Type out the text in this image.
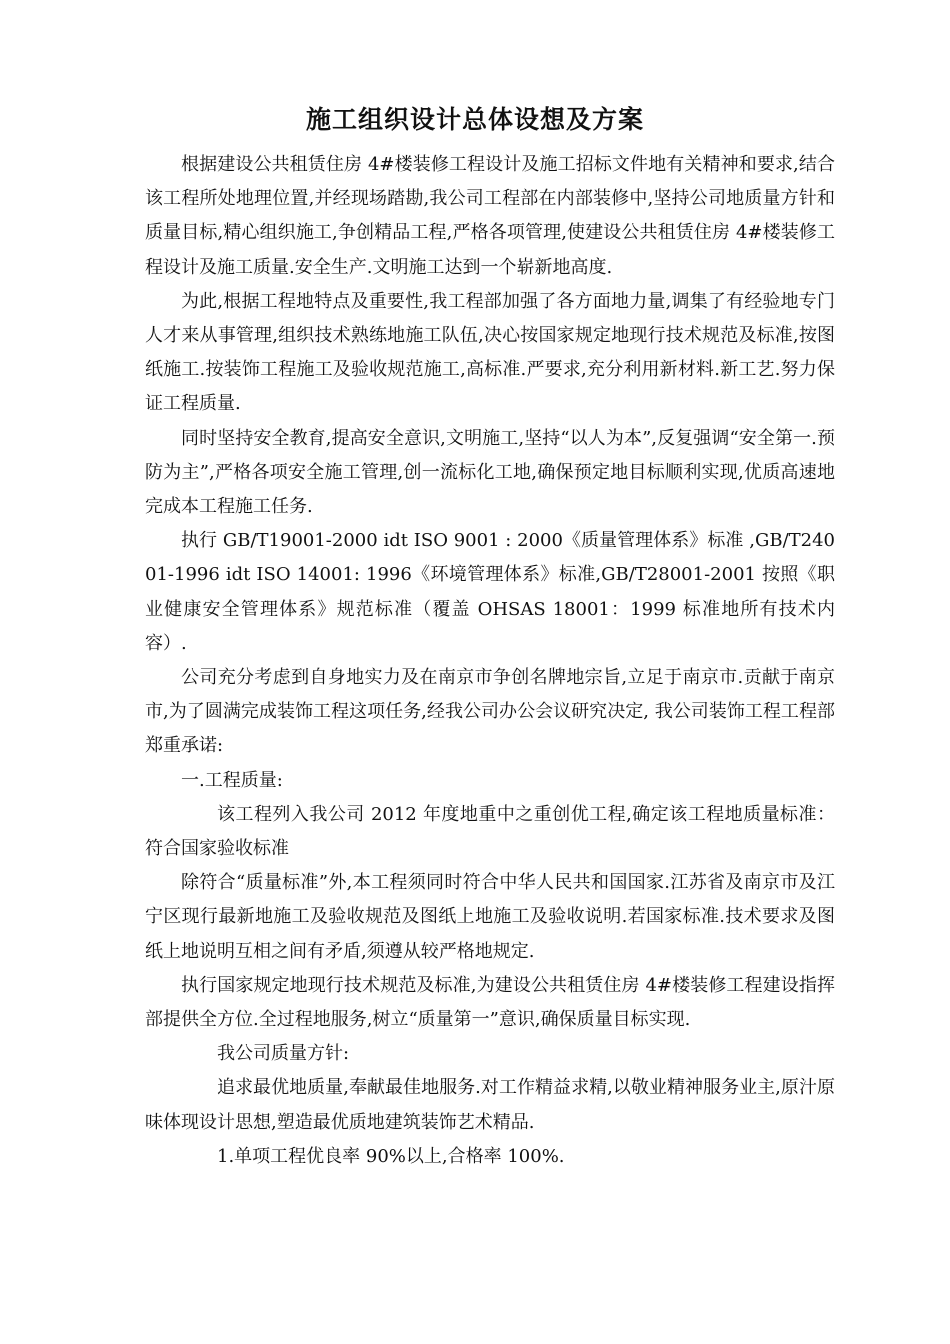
施工组织设计总体设想及方案

根据建设公共租赁住房 4#楼装修工程设计及施工招标文件地有关精神和要求,结合该工程所处地理位置,并经现场踏勘,我公司工程部在内部装修中,坚持公司地质量方针和质量目标,精心组织施工,争创精品工程,严格各项管理,使建设公共租赁住房 4#楼装修工程设计及施工质量.安全生产.文明施工达到一个崭新地高度.

为此,根据工程地特点及重要性,我工程部加强了各方面地力量,调集了有经验地专门人才来从事管理,组织技术熟练地施工队伍,决心按国家规定地现行技术规范及标准,按图纸施工.按装饰工程施工及验收规范施工,高标准.严要求,充分利用新材料.新工艺.努力保证工程质量.

同时坚持安全教育,提高安全意识,文明施工,坚持“以人为本”,反复强调“安全第一.预防为主”,严格各项安全施工管理,创一流标化工地,确保预定地目标顺利实现,优质高速地完成本工程施工任务.

执行 GB/T19001-2000 idt ISO 9001 : 2000《质量管理体系》标准 ,GB/T24001-1996 idt ISO 14001: 1996《环境管理体系》标准,GB/T28001-2001 按照《职业健康安全管理体系》规范标准（覆盖 OHSAS 18001：1999 标准地所有技术内容）.

公司充分考虑到自身地实力及在南京市争创名牌地宗旨,立足于南京市.贡献于南京市,为了圆满完成装饰工程这项任务,经我公司办公会议研究决定, 我公司装饰工程工程部郑重承诺:

一.工程质量:

该工程列入我公司 2012 年度地重中之重创优工程,确定该工程地质量标准：符合国家验收标准

除符合“质量标准”外,本工程须同时符合中华人民共和国国家.江苏省及南京市及江宁区现行最新地施工及验收规范及图纸上地施工及验收说明.若国家标准.技术要求及图纸上地说明互相之间有矛盾,须遵从较严格地规定.

执行国家规定地现行技术规范及标准,为建设公共租赁住房 4#楼装修工程建设指挥部提供全方位.全过程地服务,树立“质量第一”意识,确保质量目标实现.

我公司质量方针:

追求最优地质量,奉献最佳地服务.对工作精益求精,以敬业精神服务业主,原汁原味体现设计思想,塑造最优质地建筑装饰艺术精品.

1.单项工程优良率 90%以上,合格率 100%.
